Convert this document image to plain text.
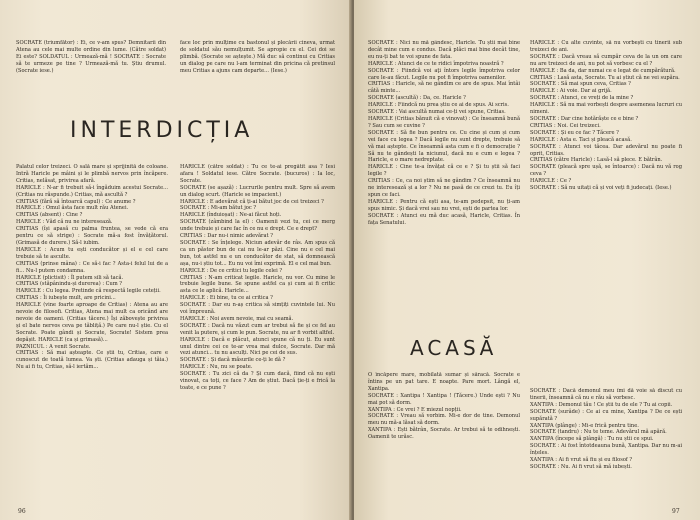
SOCRATE (triumfător) : Ei, ce v-am spus? Demnitarii din Atena au cele mai multe ordine din lume. (Către soldat) Ei este? SOLDATUL : Urmează-mă ! SOCRATE : Socrate să te urmeze pe tine ? Urmează-mă tu. Știu drumul. (Socrate iese.)

face loc prin mulțime cu bastonul și plecării cineva, urmat de soldatul său nemulțumit. Se apropie cu el. Cei doi se plimbă. (Socrate se aștește.) Mă duc să continui cu Critias un dialog pe care nu l-am terminat din pricina că pretinsul meu Critias a ajuns cam departe... (Iese.)

INTERDICȚIA

Palatul celor treizeci. O sală mare și sprijinită de coloane. Intră Haricle pe mâini și le plimbă nervos prin încăpere. Critias, nelăsat, privirea afară.

HARICLE : N-ar fi trebuit să-i îngăduim acestui Socrate... (Critias nu răspunde.) Critias, mă ascultă ?

CRITIAS (fără să întoarcă capul) : Ce anume ?

HARICLE : Omul ăsta face mult rău Atenei.

CRITIAS (absent) : Cine ?

HARICLE : Văd că nu ne interesează.

CRITIAS (își apasă cu palma fruntea, se vede că era pentru ce să strige) : Socrate mă-a fost învățătorul. (Grimasă de durere.) Să-l iubim.

HARICLE : Acum tu ești conducător și el e cel care trebuie să te asculte.

CRITIAS (prinse mâna) : Ce să-i fac ? Asta-i felul lui de a fi... Nu-l putem condamna.

HARICLE (plictisit) : Îl putem sili să tacă.

CRITIAS (stăpânindu-și durerea) : Cum ?

HARICLE : Cu legea. Pretinde că respectă legile ceteții.

CRITIAS : Îi iubește mult, are pricini...

HARICLE (vine foarte aproape de Critias) : Atena au are nevoie de filosofi. Critias, Atena mai mult ca oricând are nevoie de oameni. (Critias tăcere.) Își zăbovește privirea și el bate nervos ceva pe tăbliță.) Pe care nu-l știe. Cu el Socrate. Poate gândi și Socrate, Socrate! Sistem prea depășit. HARICLE (ca și grimasă)...

PAZNICUL : A venit Socrate.

CRITIAS : Să mai așteapte. Ce știi tu, Critias, care e cunoscut de toată lumea. Va ști. (Critias adauga și tăia.) Nu ai fi tu, Critias, să-l iertăm...

HARICLE (către soldat) : Tu ce te-ai pregătit asa ? Iesi afara ! Soldatul iese. Către Socrate. (bucuros) : Ia loc, Socrate.

SOCRATE (se așază) : Lucrurile pentru mult. Spre să avem un dialog scurt. (Haricle se impacient.)

HARICLE : E adevărat că ți-ai bătut joc de cei treizeci ?

SOCRATE : Mi-am bătut joc ?

HARICLE (înduioșat) : Ne-ai făcut hoți.

SOCRATE (zâmbind la el) : Oamenii vezi tu, cei ce merg unde trebuie și care fac în ce nu e drept. Ce e drept?

CRITIAS : Dar nu-i nimic adevărat ?

SOCRATE : Se înțelege. Niciun adevăr de râs. Am spus că ca un păstor bun de cai nu le-ar păzi. Cine nu e cel mai bun, tot astfel nu e un conducător de stat, să domnească așa, nu-i știu tot... Eu nu voi îmi exprimă. El e cel mai bun.

HARICLE : De ce critici tu legile celei ?

CRITIAS : N-am criticat legile. Haricle, nu vor. Cu mine le trebuie legile bune. Se spune astfel ca și cum ai fi critic asta ce le aplică. Haricle...

HARICLE : Ei bine, tu ce ai critica ?

SOCRATE : Dar eu n-aș critica să simțiți cuvintele lui. Nu voi împreună.

HARICLE : Noi avem nevoie, mai cu seamă.

SOCRATE : Dacă nu văzut cum ar trebui să fie și ce fel au venit la putere, și cum le pun. Socrate, nu ar fi vorbit altfel.

HARICLE : Dacă e plăcut, atunci spune că nu ți. Eu sunt unul dintre cei ce te-ar vrea mai dulce, Socrate. Dar mă vezi atunci... tu nu asculți. Nici pe cei de sus.

SOCRATE : Și dacă măsurile ce-ți le dă ?

HARICLE : Nu, nu se poate.

SOCRATE : Tu zici că da ? Și cum dacă, fiind că nu ești vinovat, ca toți, ce face ? Am de știut. Dacă ție-ți e frică la toate, e ce pune ?

96

SOCRATE : Nici nu mă gândesc, Haricle. Tu știi mai bine decât mine cum e condus. Dacă plăci mai bine decât tine, eu nu-ți bat te voi spune de fata.

HARICLE : Atunci de ce te ridici împotriva noastră ?

SOCRATE : Fiindcă voi aţi întors legile împotriva celor care le-au făcut. Legile nu pot fi împotriva oamenilor.

CRITIAS : Haricle, să ne gândim ce are de spus. Mai întâi câtă minte...

SOCRATE (ascultă) : Da, ce. Haricle ?

HARICLE : Fiindcă nu prea știu ce ai de spus. Ai scris.

SOCRATE : Vai ascultă numai ce-ți vei spune, Critias.

HARICLE (Critias bănuit că e vinovat) : Ce înseamnă bună ? Sau cum se cuvine ?

SOCRATE : Să fie bun pentru ce. Cu cine și cum și cum vei face cu legea ? Dacă legile nu sunt drepte, trebuie să vă mai aștepte. Ce înseamnă asta cum e fi o democrație ? Să nu te gândești la niciunul, dacă nu e cum e legea ? Haricle, e o mare nedreptate.

HARICLE : Cine te-a învățat că ce e ? Și tu știi să faci legile ?

CRITIAS : Ce, ca noi știm să ne gândim ? Ce înseamnă nu ne interesează și a lor ? Nu ne pasă de ce crezi tu. Eu îți spun ce faci.

HARICLE : Pentru că ești asa, te-am pedepsit, nu ți-am spus nimic. Și dacă vrei sau nu vrei, ești de partea lor.

SOCRATE : Atunci eu mă duc acasă, Haricle, Critias. În fața Senatului.

HARICLE : Cu alte cuvinte, să nu vorbești cu tinerii sub treizeci de ani.

SOCRATE : Dacă vreau să cumpăr ceva de la un om care nu are treizeci de ani, nu pot să vorbesc cu el ?

HARICLE : Ba da, dar numai ce e legat de cumpărătură.

CRITIAS : Lasă asta, Socrate. Tu ai știut că ne vei supăra.

SOCRATE : Să mai spun ceva, Critias ?

HARICLE : Ai voie. Dar ai grijă.

SOCRATE : Atunci, ce vreți de la mine ?

HARICLE : Să nu mai vorbești despre asemenea lucruri cu nimeni.

SOCRATE : Dar cine hotărăște ce e bine ?

CRITIAS : Noi. Cei treizeci.

SOCRATE : Și eu ce fac ? Tăcere ?

HARICLE : Asta e. Taci și pleacă acasă.

SOCRATE : Atunci voi tăcea. Dar adevărul nu poate fi oprit, Critias.

CRITIAS (către Haricle) : Lasă-l să plece. E bătrân.

SOCRATE (pleacă spre ușă, se întoarce) : Dacă nu vă rog ceva ?

HARICLE : Ce ?

SOCRATE : Să nu uitați că și voi veți fi judecați. (Iese.)

ACASĂ

O încăpere mare, mobilată sumar și săracă. Socrate e întins pe un pat tare. E noapte. Pare mort. Lângă el, Xantipa.

SOCRATE : Xantipa ! Xantipa ! (Tăcere.) Unde ești ? Nu mai pot să dorm.

XANTIPA : Ce vrei ? E miezul nopții.

SOCRATE : Vreau să vorbim. Mi-e dor de tine. Demonul meu nu mă-a lăsat să dorm.

XANTIPA : Ești bătrân, Socrate. Ar trebui să te odihnești. Oamenii te urăsc.

SOCRATE : Dacă demonul meu îmi dă voie să discut cu tinerii, înseamnă că nu e rău să vorbesc.

XANTIPA : Demonul tău ! Ce știi tu de ele ? Tu ai copii.

SOCRATE (surâde) : Ce ai cu mine, Xantipa ? De ce ești supărată ?

XANTIPA (plânge) : Mi-e frică pentru tine.

SOCRATE (tandru) : Nu te teme. Adevărul mă apără.

XANTIPA (începe să plângă) : Tu nu știi ce spui.

SOCRATE : Ai fost întotdeauna bună, Xantipa. Dar nu m-ai înțeles.

XANTIPA : Ai fi vrut să fiu și eu filosof ?

SOCRATE : Nu. Ai fi vrut să mă iubești.

97
